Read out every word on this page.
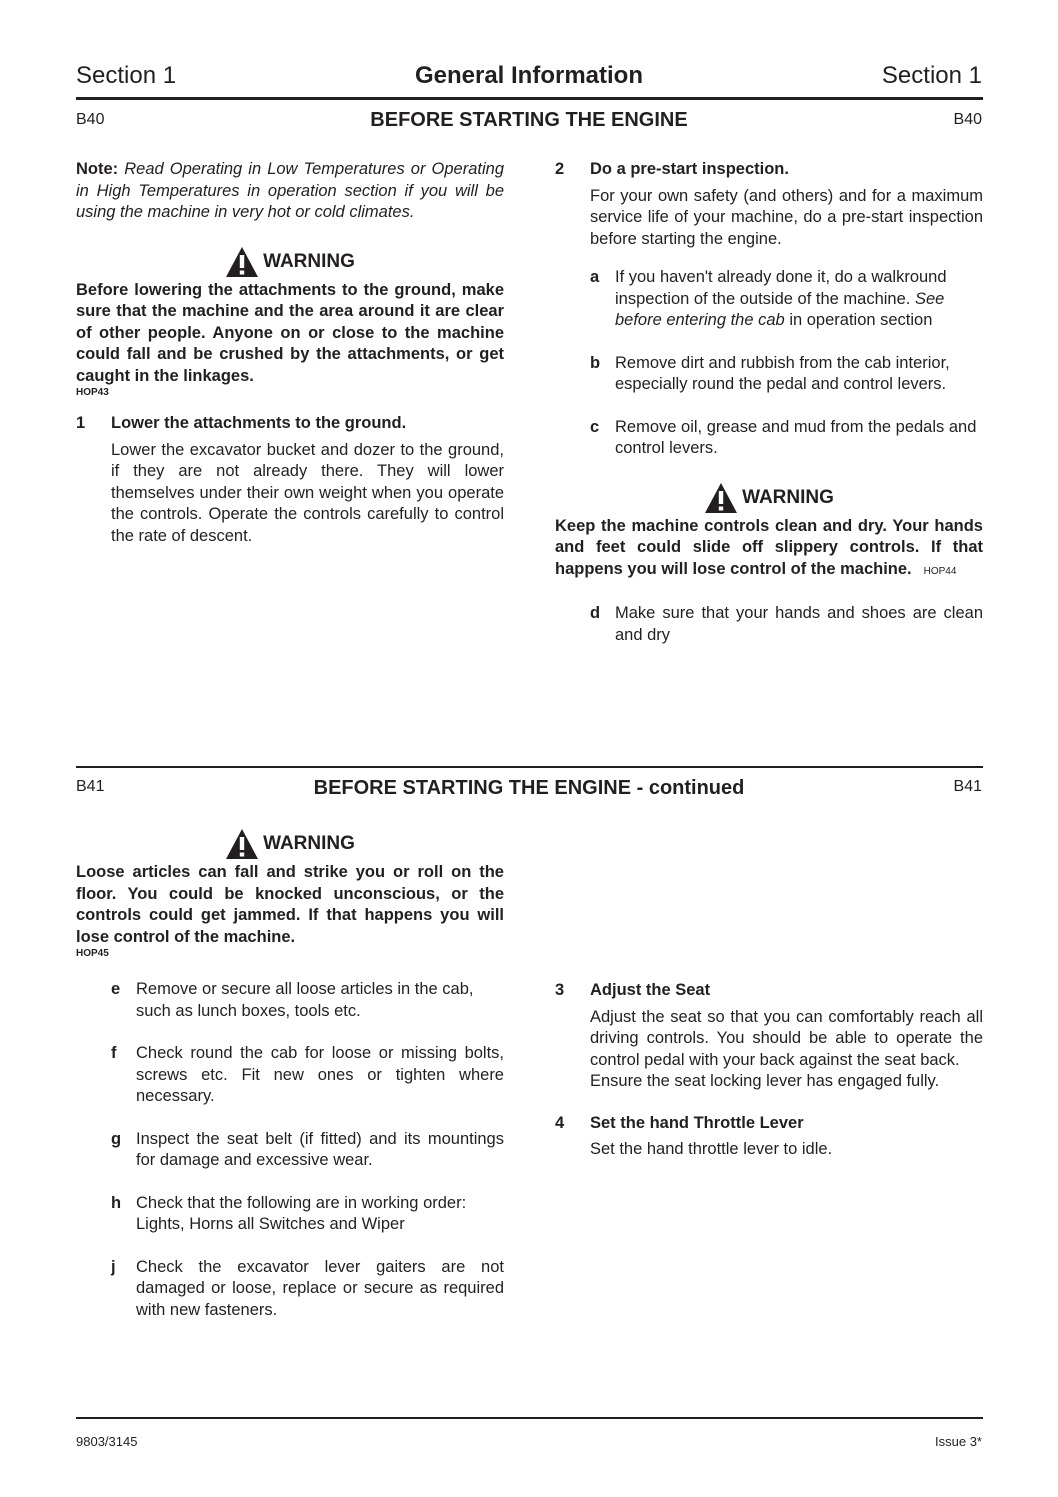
Section 1	General Information	Section 1
B40	BEFORE STARTING THE ENGINE	B40
Note: Read Operating in Low Temperatures or Operating in High Temperatures in operation section if you will be using the machine in very hot or cold climates.
WARNING
Before lowering the attachments to the ground, make sure that the machine and the area around it are clear of other people. Anyone on or close to the machine could fall and be crushed by the attachments, or get caught in the linkages.
HOP43
1	Lower the attachments to the ground.
Lower the excavator bucket and dozer to the ground, if they are not already there. They will lower themselves under their own weight when you operate the controls. Operate the controls carefully to control the rate of descent.
2	Do a pre-start inspection.
For your own safety (and others) and for a maximum service life of your machine, do a pre-start inspection before starting the engine.
a If you haven't already done it, do a walkround inspection of the outside of the machine. See before entering the cab in operation section
b Remove dirt and rubbish from the cab interior, especially round the pedal and control levers.
c Remove oil, grease and mud from the pedals and control levers.
WARNING
Keep the machine controls clean and dry. Your hands and feet could slide off slippery controls. If that happens you will lose control of the machine. HOP44
d Make sure that your hands and shoes are clean and dry
B41	BEFORE STARTING THE ENGINE - continued	B41
WARNING
Loose articles can fall and strike you or roll on the floor. You could be knocked unconscious, or the controls could get jammed. If that happens you will lose control of the machine.
HOP45
e Remove or secure all loose articles in the cab, such as lunch boxes, tools etc.
f	Check round the cab for loose or missing bolts, screws etc. Fit new ones or tighten where necessary.
g Inspect the seat belt (if fitted) and its mountings for damage and excessive wear.
h Check that the following are in working order: Lights, Horns all Switches and Wiper
j	Check the excavator lever gaiters are not damaged or loose, replace or secure as required with new fasteners.
3	Adjust the Seat
Adjust the seat so that you can comfortably reach all driving controls. You should be able to operate the control pedal with your back against the seat back.
Ensure the seat locking lever has engaged fully.
4	Set the hand Throttle Lever
Set the hand throttle lever to idle.
9803/3145	Issue 3*
